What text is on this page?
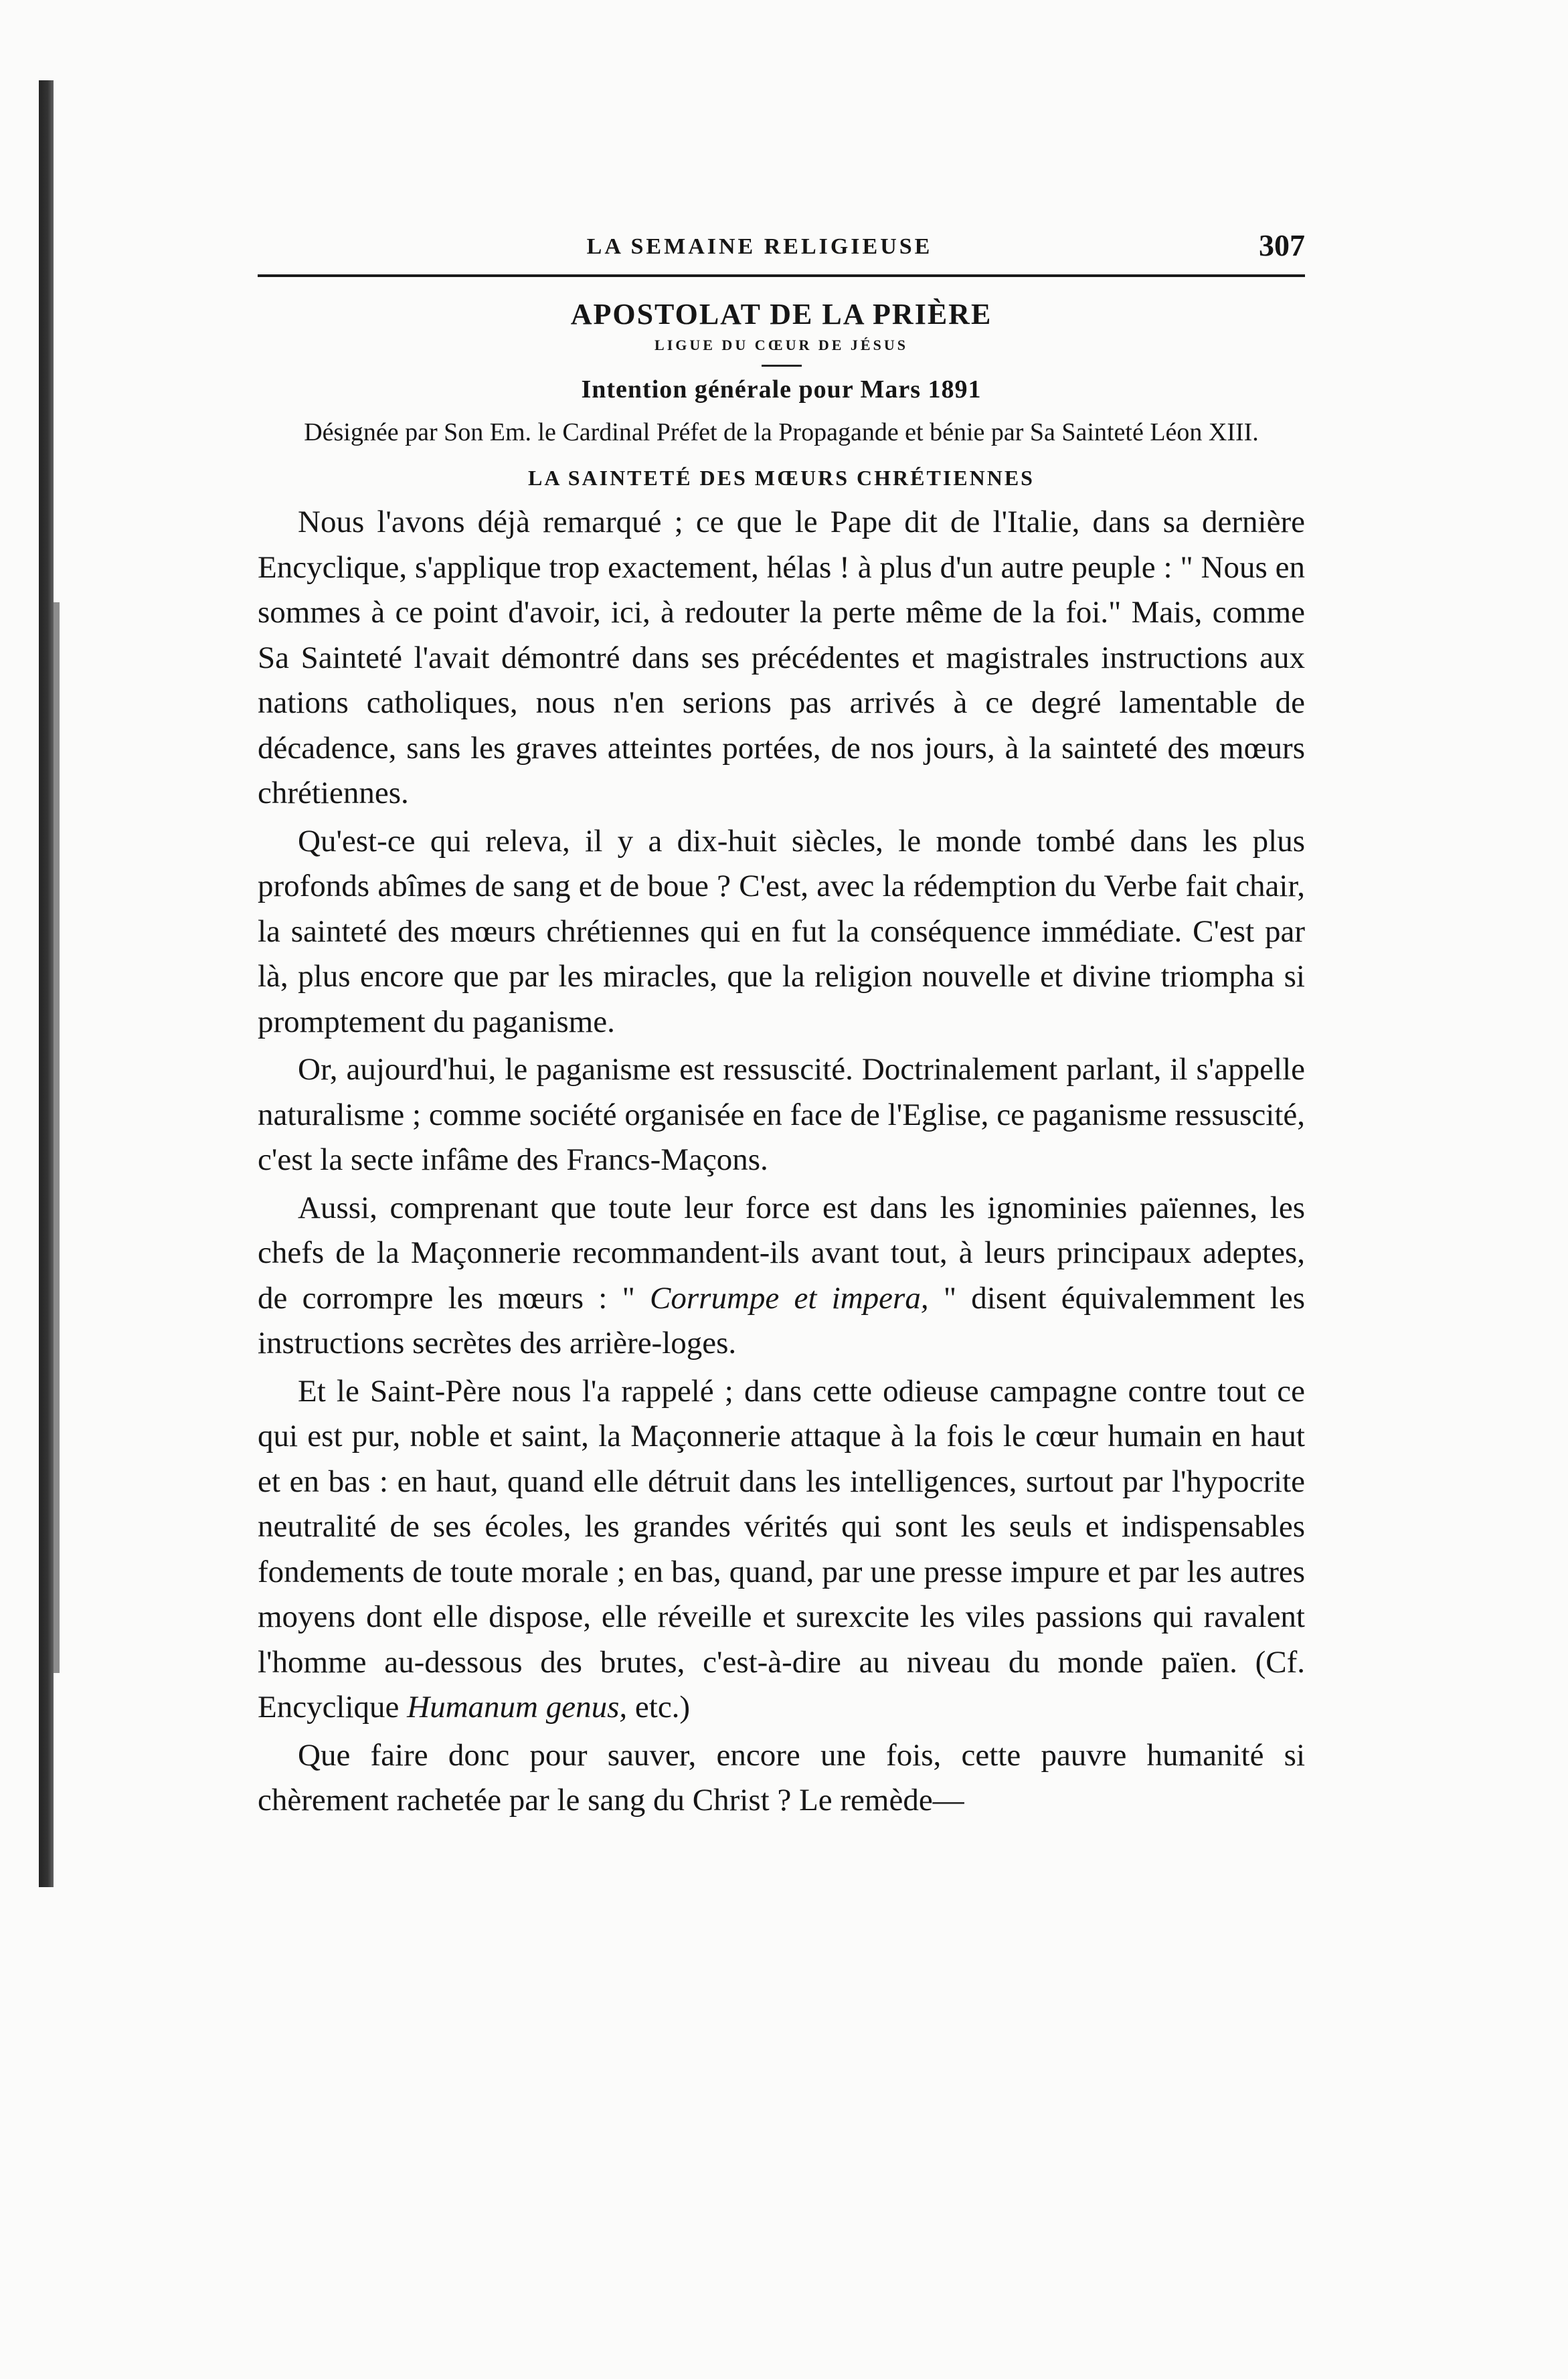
LA SEMAINE RELIGIEUSE	307
APOSTOLAT DE LA PRIÈRE
LIGUE DU CŒUR DE JÉSUS
Intention générale pour Mars 1891
Désignée par Son Em. le Cardinal Préfet de la Propagande et bénie par Sa Sainteté Léon XIII.
LA SAINTETÉ DES MŒURS CHRÉTIENNES

Nous l'avons déjà remarqué ; ce que le Pape dit de l'Italie, dans sa dernière Encyclique, s'applique trop exactement, hélas ! à plus d'un autre peuple : " Nous en sommes à ce point d'avoir, ici, à redouter la perte même de la foi." Mais, comme Sa Sainteté l'avait démontré dans ses précédentes et magistrales instructions aux nations catholiques, nous n'en serions pas arrivés à ce degré lamentable de décadence, sans les graves atteintes portées, de nos jours, à la sainteté des mœurs chrétiennes.

Qu'est-ce qui releva, il y a dix-huit siècles, le monde tombé dans les plus profonds abîmes de sang et de boue ? C'est, avec la rédemption du Verbe fait chair, la sainteté des mœurs chrétiennes qui en fut la conséquence immédiate. C'est par là, plus encore que par les miracles, que la religion nouvelle et divine triompha si promptement du paganisme.

Or, aujourd'hui, le paganisme est ressuscité. Doctrinalement parlant, il s'appelle naturalisme ; comme société organisée en face de l'Eglise, ce paganisme ressuscité, c'est la secte infâme des Francs-Maçons.

Aussi, comprenant que toute leur force est dans les ignominies païennes, les chefs de la Maçonnerie recommandent-ils avant tout, à leurs principaux adeptes, de corrompre les mœurs : " Corrumpe et impera, " disent équivalemment les instructions secrètes des arrière-loges.

Et le Saint-Père nous l'a rappelé ; dans cette odieuse campagne contre tout ce qui est pur, noble et saint, la Maçonnerie attaque à la fois le cœur humain en haut et en bas : en haut, quand elle détruit dans les intelligences, surtout par l'hypocrite neutralité de ses écoles, les grandes vérités qui sont les seuls et indispensables fondements de toute morale ; en bas, quand, par une presse impure et par les autres moyens dont elle dispose, elle réveille et surexcite les viles passions qui ravalent l'homme au-dessous des brutes, c'est-à-dire au niveau du monde païen. (Cf. Encyclique Humanum genus, etc.)

Que faire donc pour sauver, encore une fois, cette pauvre humanité si chèrement rachetée par le sang du Christ ? Le remède—
